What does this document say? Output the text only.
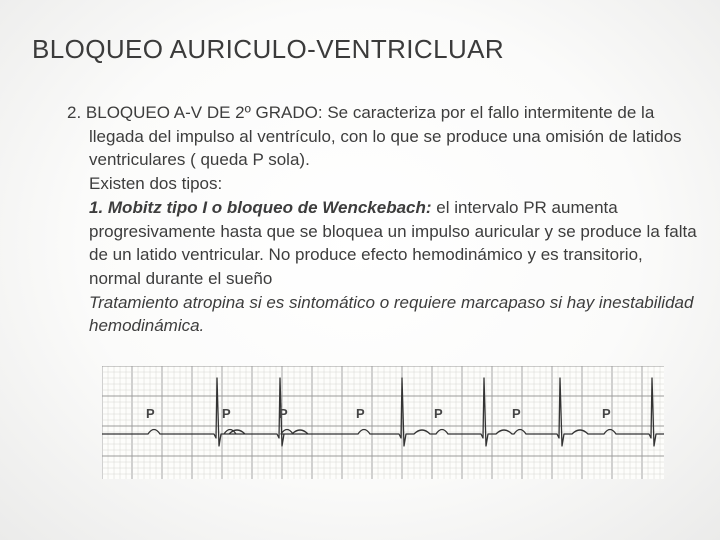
BLOQUEO AURICULO-VENTRICLUAR

2. BLOQUEO A-V DE 2º GRADO: Se caracteriza por el fallo intermitente de la llegada del impulso al ventrículo, con lo que se produce una omisión de latidos ventriculares ( queda P sola).

Existen dos tipos:

1. Mobitz tipo I o bloqueo de Wenckebach: el intervalo PR aumenta progresivamente hasta que se bloquea un impulso auricular y se produce la falta de un latido ventricular. No produce efecto hemodinámico y es transitorio, normal durante el sueño

Tratamiento atropina si es sintomático o requiere marcapaso si hay inestabilidad hemodinámica.

P	P	P	P	P	P	P
